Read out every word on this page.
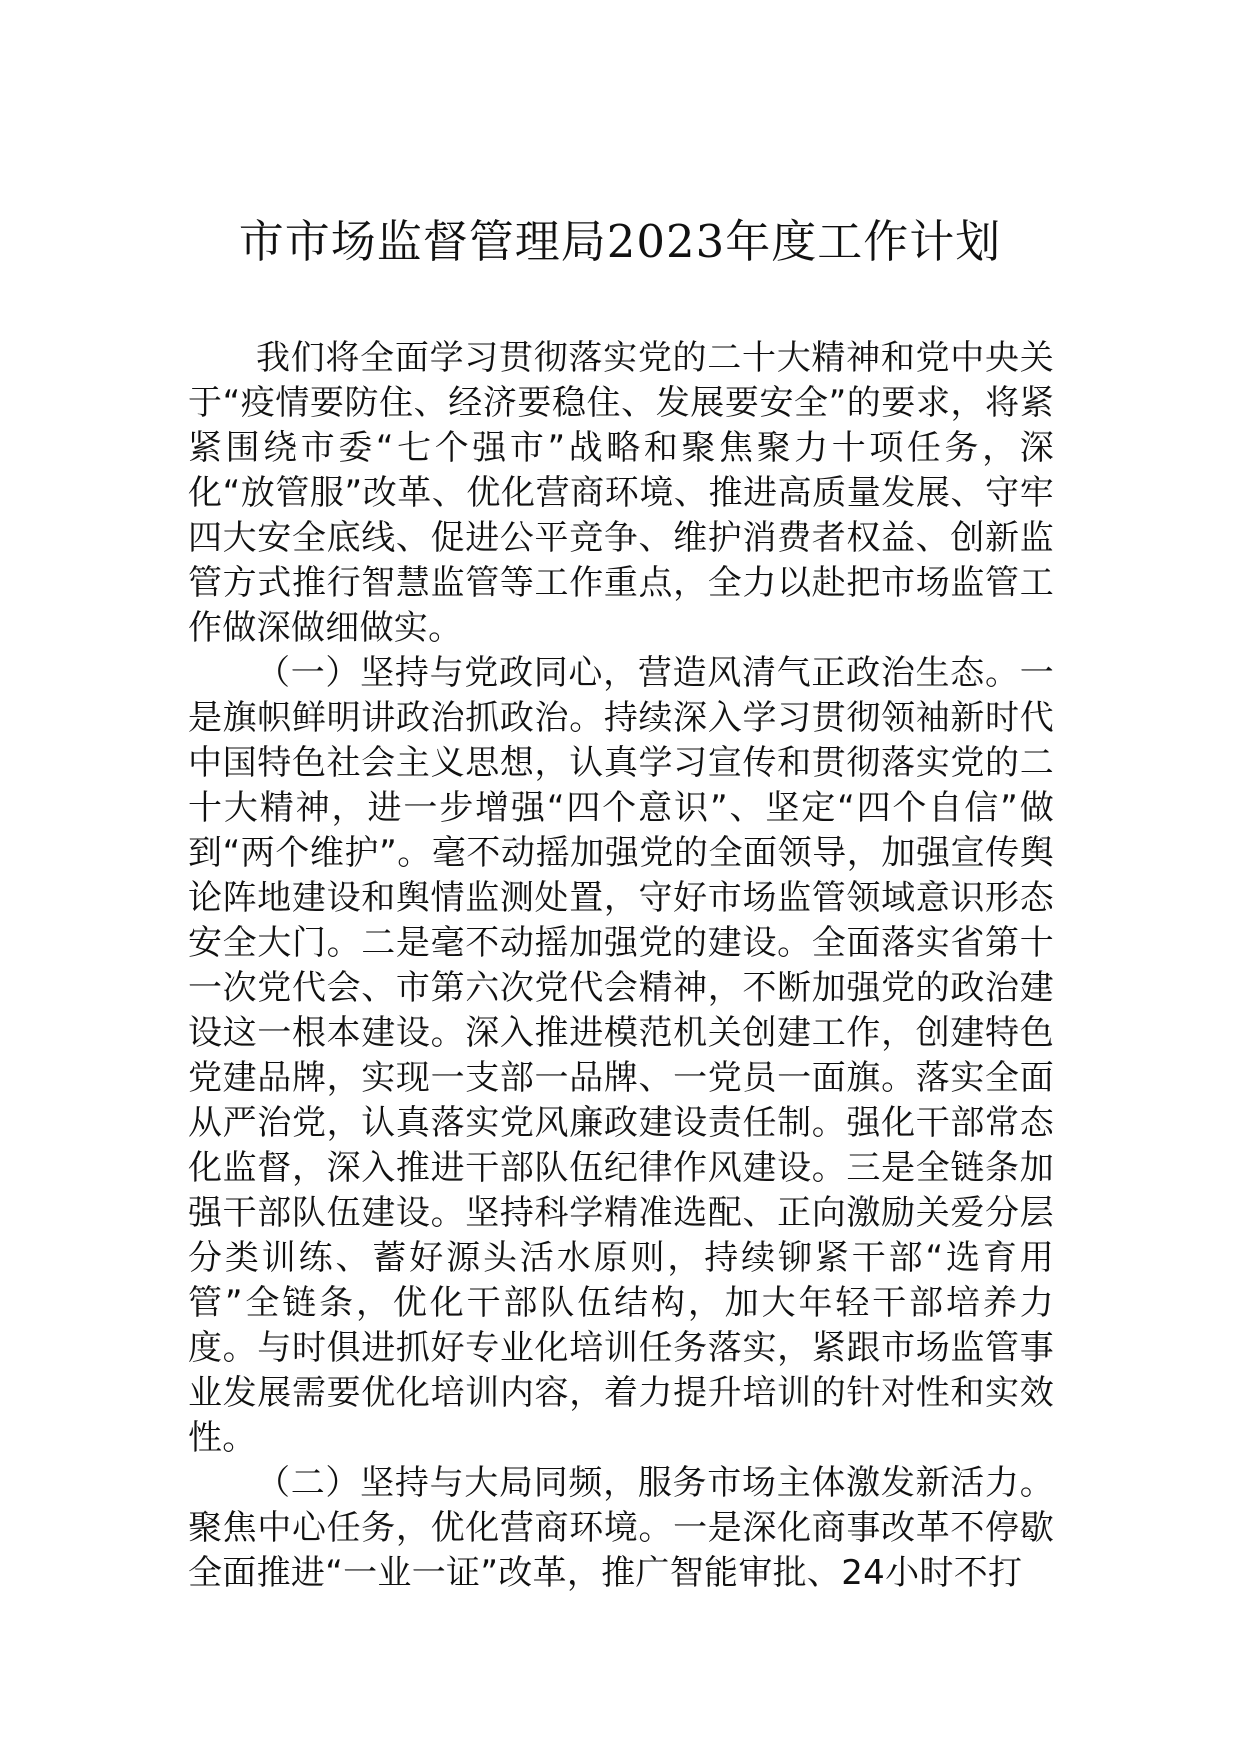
市市场监督管理局2023年度工作计划

我们将全面学习贯彻落实党的二十大精神和党中央关于“疫情要防住、经济要稳住、发展要安全”的要求，将紧紧围绕市委“七个强市”战略和聚焦聚力十项任务，深化“放管服”改革、优化营商环境、推进高质量发展、守牢四大安全底线、促进公平竞争、维护消费者权益、创新监管方式推行智慧监管等工作重点，全力以赴把市场监管工作做深做细做实。

（一）坚持与党政同心，营造风清气正政治生态。一是旗帜鲜明讲政治抓政治。持续深入学习贯彻领袖新时代中国特色社会主义思想，认真学习宣传和贯彻落实党的二十大精神，进一步增强“四个意识”、坚定“四个自信”做到“两个维护”。毫不动摇加强党的全面领导，加强宣传舆论阵地建设和舆情监测处置，守好市场监管领域意识形态安全大门。二是毫不动摇加强党的建设。全面落实省第十一次党代会、市第六次党代会精神，不断加强党的政治建设这一根本建设。深入推进模范机关创建工作，创建特色党建品牌，实现一支部一品牌、一党员一面旗。落实全面从严治党，认真落实党风廉政建设责任制。强化干部常态化监督，深入推进干部队伍纪律作风建设。三是全链条加强干部队伍建设。坚持科学精准选配、正向激励关爱分层分类训练、蓄好源头活水原则，持续铆紧干部“选育用管”全链条，优化干部队伍结构，加大年轻干部培养力度。与时俱进抓好专业化培训任务落实，紧跟市场监管事业发展需要优化培训内容，着力提升培训的针对性和实效性。

（二）坚持与大局同频，服务市场主体激发新活力。聚焦中心任务，优化营商环境。一是深化商事改革不停歇全面推进“一业一证”改革，推广智能审批、24小时不打
